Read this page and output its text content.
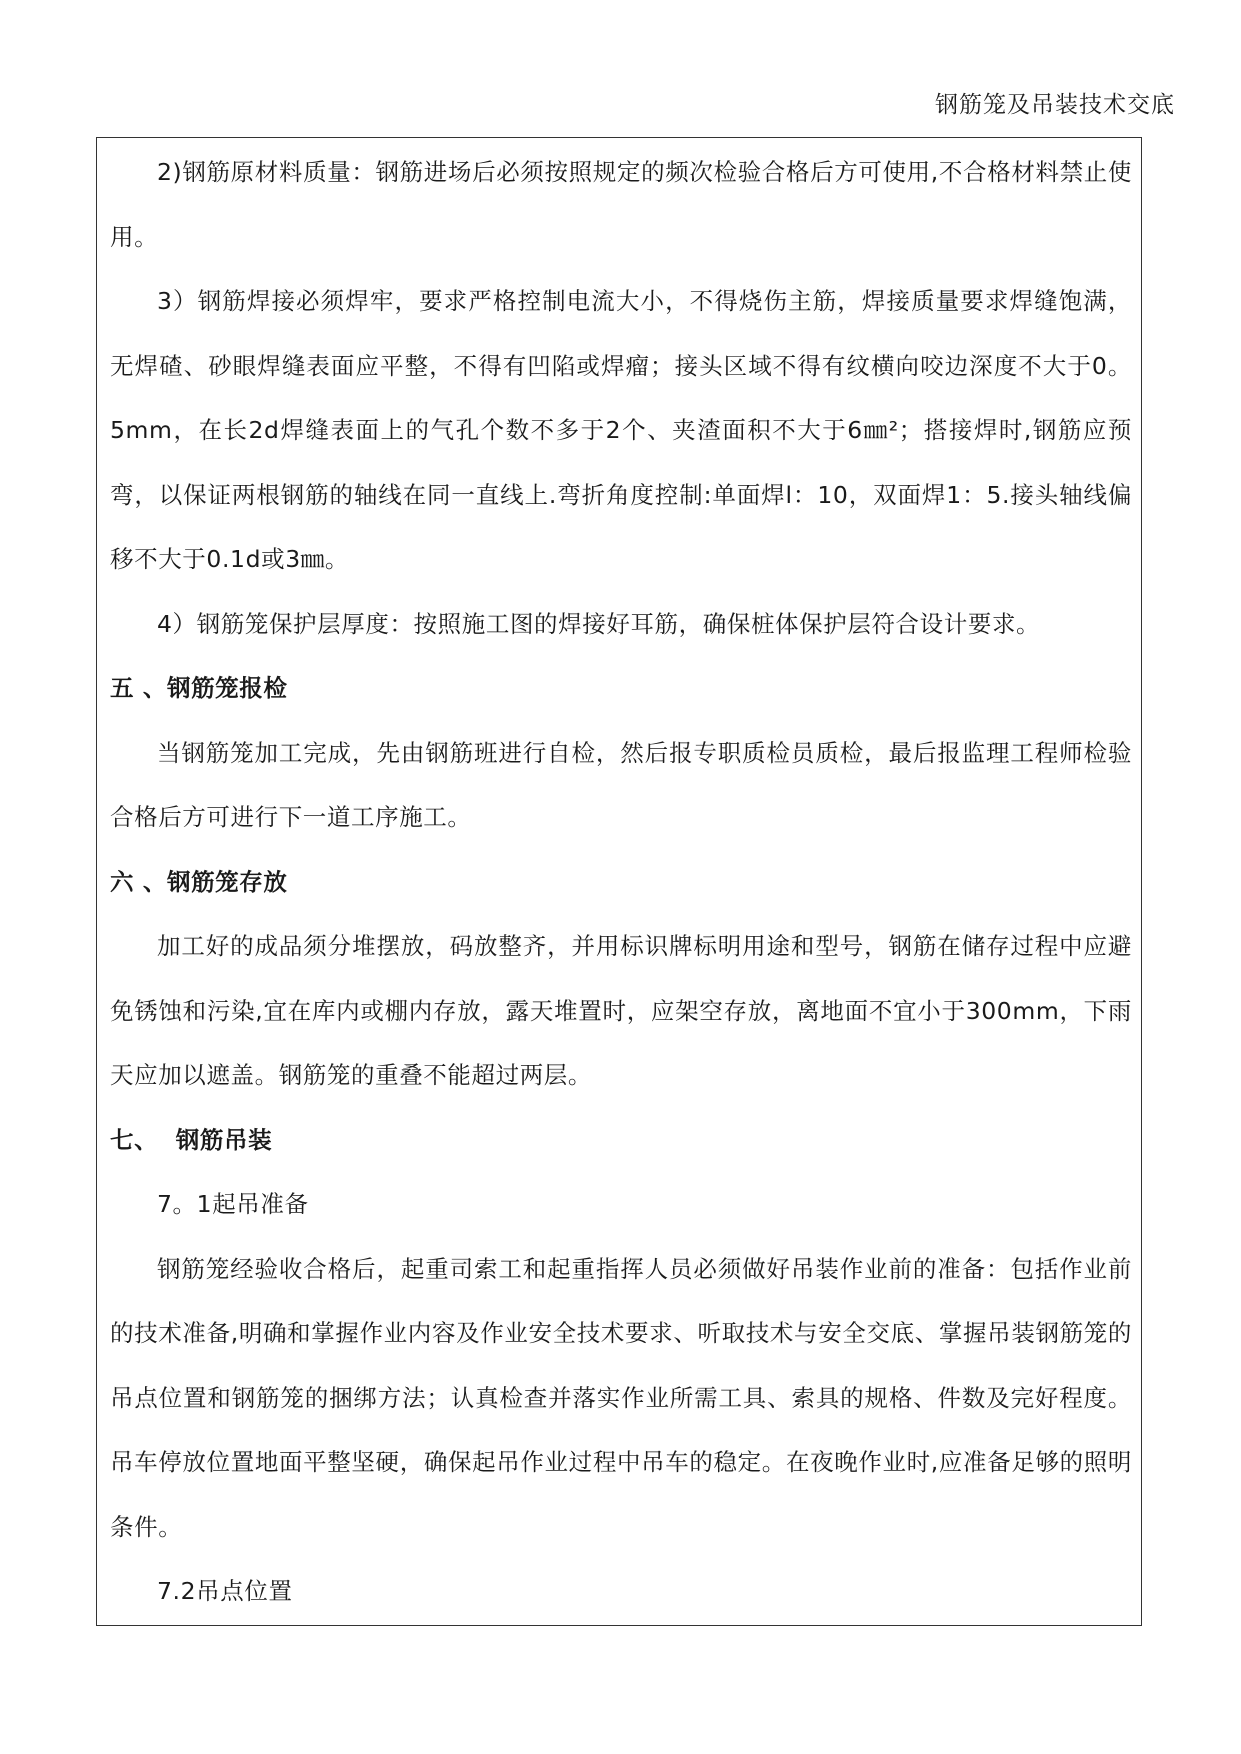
钢筋笼及吊装技术交底

2)钢筋原材料质量：钢筋进场后必须按照规定的频次检验合格后方可使用,不合格材料禁止使用。

3）钢筋焊接必须焊牢，要求严格控制电流大小，不得烧伤主筋，焊接质量要求焊缝饱满，无焊碴、砂眼焊缝表面应平整，不得有凹陷或焊瘤；接头区域不得有纹横向咬边深度不大于0。5mm，在长2d焊缝表面上的气孔个数不多于2个、夹渣面积不大于6㎜²；搭接焊时,钢筋应预弯，以保证两根钢筋的轴线在同一直线上.弯折角度控制:单面焊l：10，双面焊1：5.接头轴线偏移不大于0.1d或3㎜。

4）钢筋笼保护层厚度：按照施工图的焊接好耳筋，确保桩体保护层符合设计要求。

五 、钢筋笼报检

当钢筋笼加工完成，先由钢筋班进行自检，然后报专职质检员质检，最后报监理工程师检验合格后方可进行下一道工序施工。

六 、钢筋笼存放

加工好的成品须分堆摆放，码放整齐，并用标识牌标明用途和型号，钢筋在储存过程中应避免锈蚀和污染,宜在库内或棚内存放，露天堆置时，应架空存放，离地面不宜小于300mm，下雨天应加以遮盖。钢筋笼的重叠不能超过两层。

七、  钢筋吊装

7。1起吊准备

钢筋笼经验收合格后，起重司索工和起重指挥人员必须做好吊装作业前的准备：包括作业前的技术准备,明确和掌握作业内容及作业安全技术要求、听取技术与安全交底、掌握吊装钢筋笼的吊点位置和钢筋笼的捆绑方法；认真检查并落实作业所需工具、索具的规格、件数及完好程度。吊车停放位置地面平整坚硬，确保起吊作业过程中吊车的稳定。在夜晚作业时,应准备足够的照明条件。

7.2吊点位置
